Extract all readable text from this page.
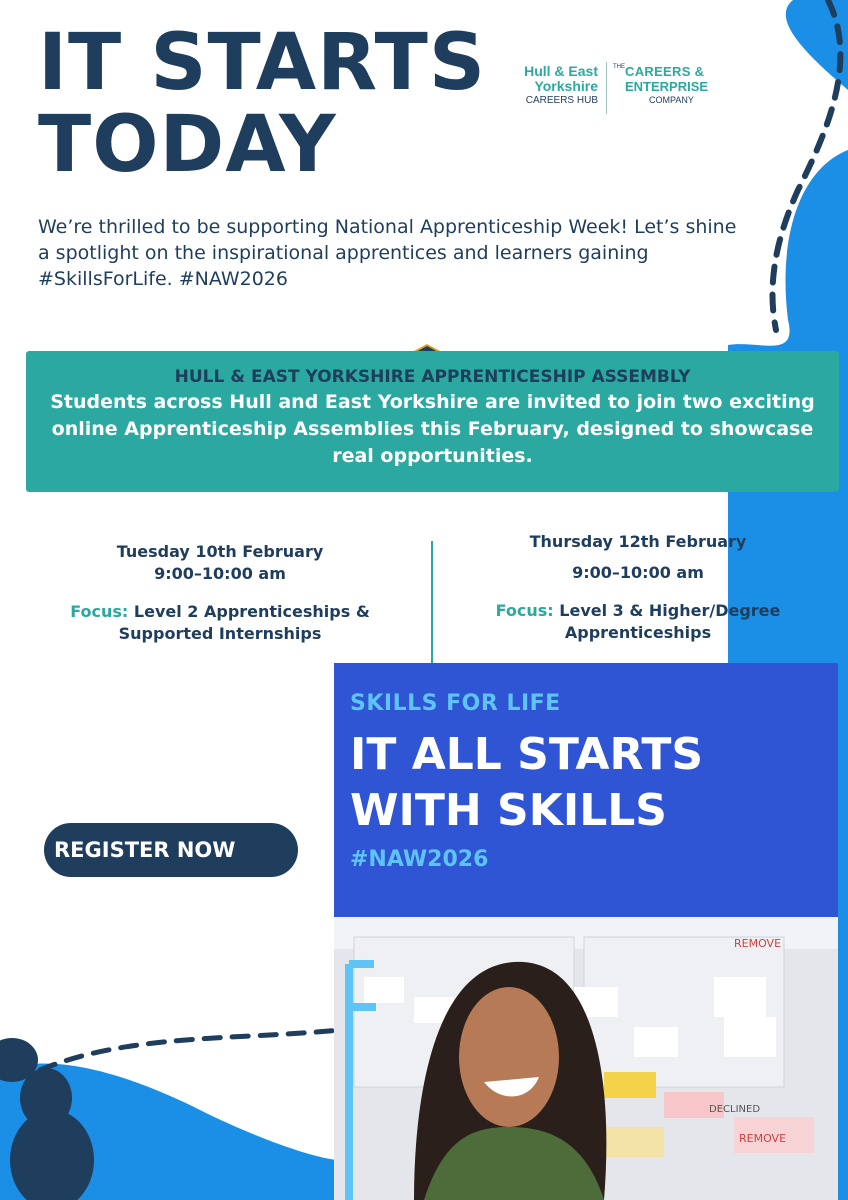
IT STARTS
TODAY
Hull & East
Yorkshire
CAREERS HUB
THE CAREERS &
ENTERPRISE
COMPANY

We’re thrilled to be supporting National Apprenticeship Week! Let’s shine a spotlight on the inspirational apprentices and learners gaining #SkillsForLife. #NAW2026

HULL & EAST YORKSHIRE APPRENTICESHIP ASSEMBLY
Students across Hull and East Yorkshire are invited to join two exciting online Apprenticeship Assemblies this February, designed to showcase real opportunities.
Tuesday 10th February
9:00–10:00 am
Focus: Level 2 Apprenticeships &
Supported Internships
Thursday 12th February
9:00–10:00 am
Focus: Level 3 & Higher/Degree
Apprenticeships
REGISTER NOW
SKILLS FOR LIFE
IT ALL STARTS
WITH SKILLS
#NAW2026
REMOVE
DECLINED
REMOVE
